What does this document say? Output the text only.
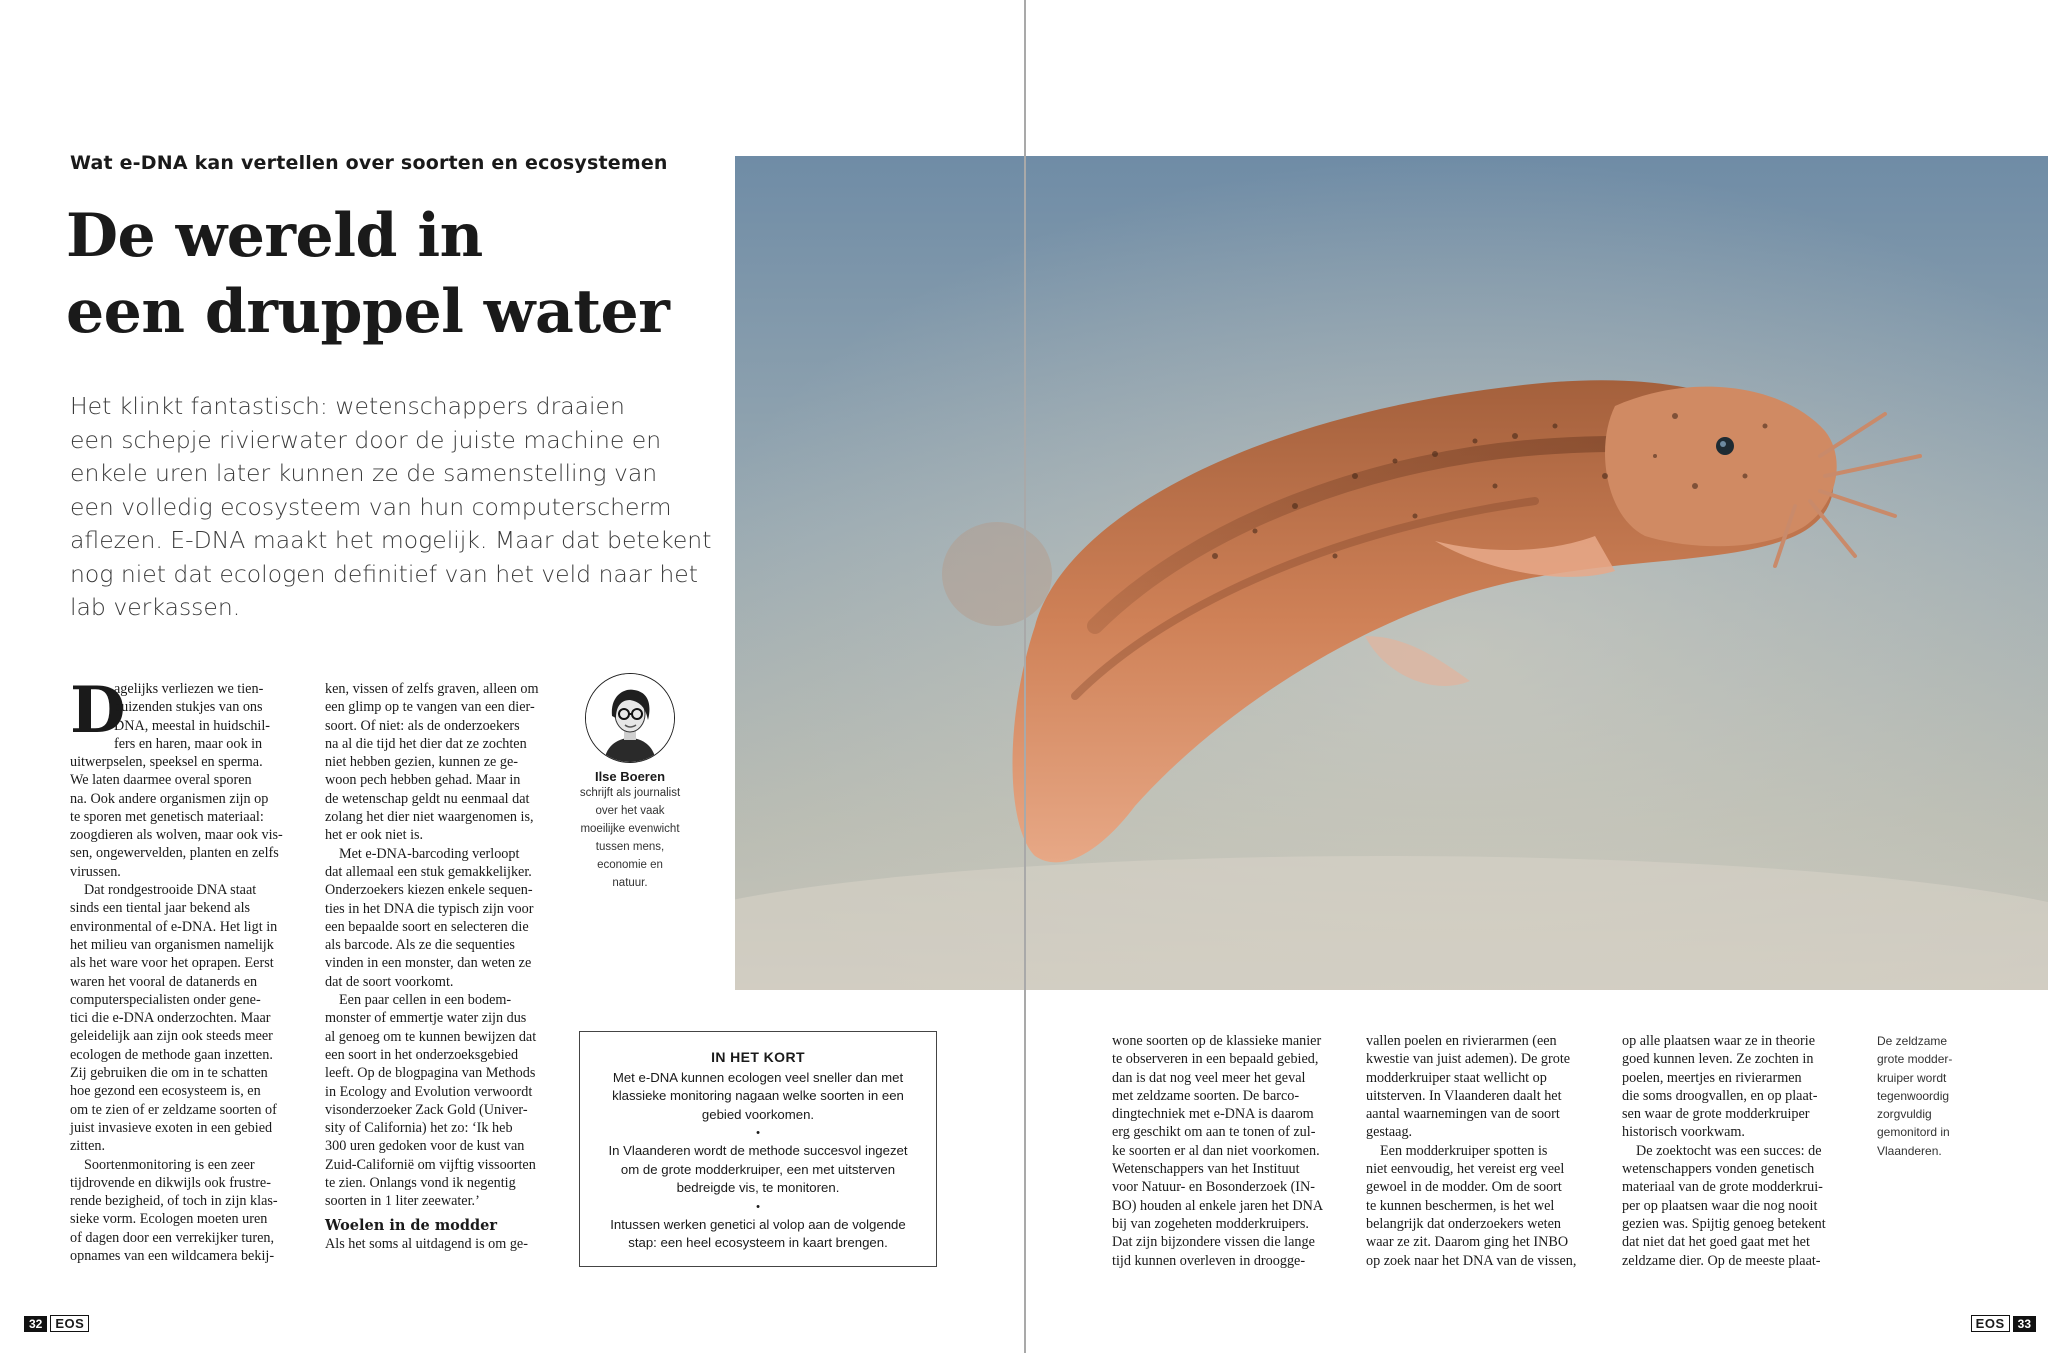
Wat e-DNA kan vertellen over soorten en ecosystemen
De wereld in
een druppel water
Het klinkt fantastisch: wetenschappers draaien
een schepje rivierwater door de juiste machine en
enkele uren later kunnen ze de samenstelling van
een volledig ecosysteem van hun computerscherm
aflezen. E-DNA maakt het mogelijk. Maar dat betekent
nog niet dat ecologen definitief van het veld naar het
lab verkassen.
D
agelijks verliezen we tien-
duizenden stukjes van ons
DNA, meestal in huidschil-
fers en haren, maar ook in
uitwerpselen, speeksel en sperma.
We laten daarmee overal sporen
na. Ook andere organismen zijn op
te sporen met genetisch materiaal:
zoogdieren als wolven, maar ook vis-
sen, ongewervelden, planten en zelfs
virussen.
Dat rondgestrooide DNA staat
sinds een tiental jaar bekend als
environmental of e-DNA. Het ligt in
het milieu van organismen namelijk
als het ware voor het oprapen. Eerst
waren het vooral de datanerds en
computerspecialisten onder gene-
tici die e-DNA onderzochten. Maar
geleidelijk aan zijn ook steeds meer
ecologen de methode gaan inzetten.
Zij gebruiken die om in te schatten
hoe gezond een ecosysteem is, en
om te zien of er zeldzame soorten of
juist invasieve exoten in een gebied
zitten.
Soortenmonitoring is een zeer
tijdrovende en dikwijls ook frustre-
rende bezigheid, of toch in zijn klas-
sieke vorm. Ecologen moeten uren
of dagen door een verrekijker turen,
opnames van een wildcamera bekij-
ken, vissen of zelfs graven, alleen om
een glimp op te vangen van een dier-
soort. Of niet: als de onderzoekers
na al die tijd het dier dat ze zochten
niet hebben gezien, kunnen ze ge-
woon pech hebben gehad. Maar in
de wetenschap geldt nu eenmaal dat
zolang het dier niet waargenomen is,
het er ook niet is.
Met e-DNA-barcoding verloopt
dat allemaal een stuk gemakkelijker.
Onderzoekers kiezen enkele sequen-
ties in het DNA die typisch zijn voor
een bepaalde soort en selecteren die
als barcode. Als ze die sequenties
vinden in een monster, dan weten ze
dat de soort voorkomt.
Een paar cellen in een bodem-
monster of emmertje water zijn dus
al genoeg om te kunnen bewijzen dat
een soort in het onderzoeksgebied
leeft. Op de blogpagina van Methods
in Ecology and Evolution verwoordt
visonderzoeker Zack Gold (Univer-
sity of California) het zo: ‘Ik heb
300 uren gedoken voor de kust van
Zuid-Californië om vijftig vissoorten
te zien. Onlangs vond ik negentig
soorten in 1 liter zeewater.’
Woelen in de modder
Als het soms al uitdagend is om ge-
Ilse Boeren
schrijft als journalist
over het vaak
moeilijke evenwicht
tussen mens,
economie en
natuur.
IN HET KORT
Met e-DNA kunnen ecologen veel sneller dan met
klassieke monitoring nagaan welke soorten in een
gebied voorkomen.
•
In Vlaanderen wordt de methode succesvol ingezet
om de grote modderkruiper, een met uitsterven
bedreigde vis, te monitoren.
•
Intussen werken genetici al volop aan de volgende
stap: een heel ecosysteem in kaart brengen.
wone soorten op de klassieke manier
te observeren in een bepaald gebied,
dan is dat nog veel meer het geval
met zeldzame soorten. De barco-
dingtechniek met e-DNA is daarom
erg geschikt om aan te tonen of zul-
ke soorten er al dan niet voorkomen.
Wetenschappers van het Instituut
voor Natuur- en Bosonderzoek (IN-
BO) houden al enkele jaren het DNA
bij van zogeheten modderkruipers.
Dat zijn bijzondere vissen die lange
tijd kunnen overleven in droogge-
vallen poelen en rivierarmen (een
kwestie van juist ademen). De grote
modderkruiper staat wellicht op
uitsterven. In Vlaanderen daalt het
aantal waarnemingen van de soort
gestaag.
Een modderkruiper spotten is
niet eenvoudig, het vereist erg veel
gewoel in de modder. Om de soort
te kunnen beschermen, is het wel
belangrijk dat onderzoekers weten
waar ze zit. Daarom ging het INBO
op zoek naar het DNA van de vissen,
op alle plaatsen waar ze in theorie
goed kunnen leven. Ze zochten in
poelen, meertjes en rivierarmen
die soms droogvallen, en op plaat-
sen waar de grote modderkruiper
historisch voorkwam.
De zoektocht was een succes: de
wetenschappers vonden genetisch
materiaal van de grote modderkrui-
per op plaatsen waar die nog nooit
gezien was. Spijtig genoeg betekent
dat niet dat het goed gaat met het
zeldzame dier. Op de meeste plaat-
De zeldzame
grote modder-
kruiper wordt
tegenwoordig
zorgvuldig
gemonitord in
Vlaanderen.
32	EOS	EOS	33
